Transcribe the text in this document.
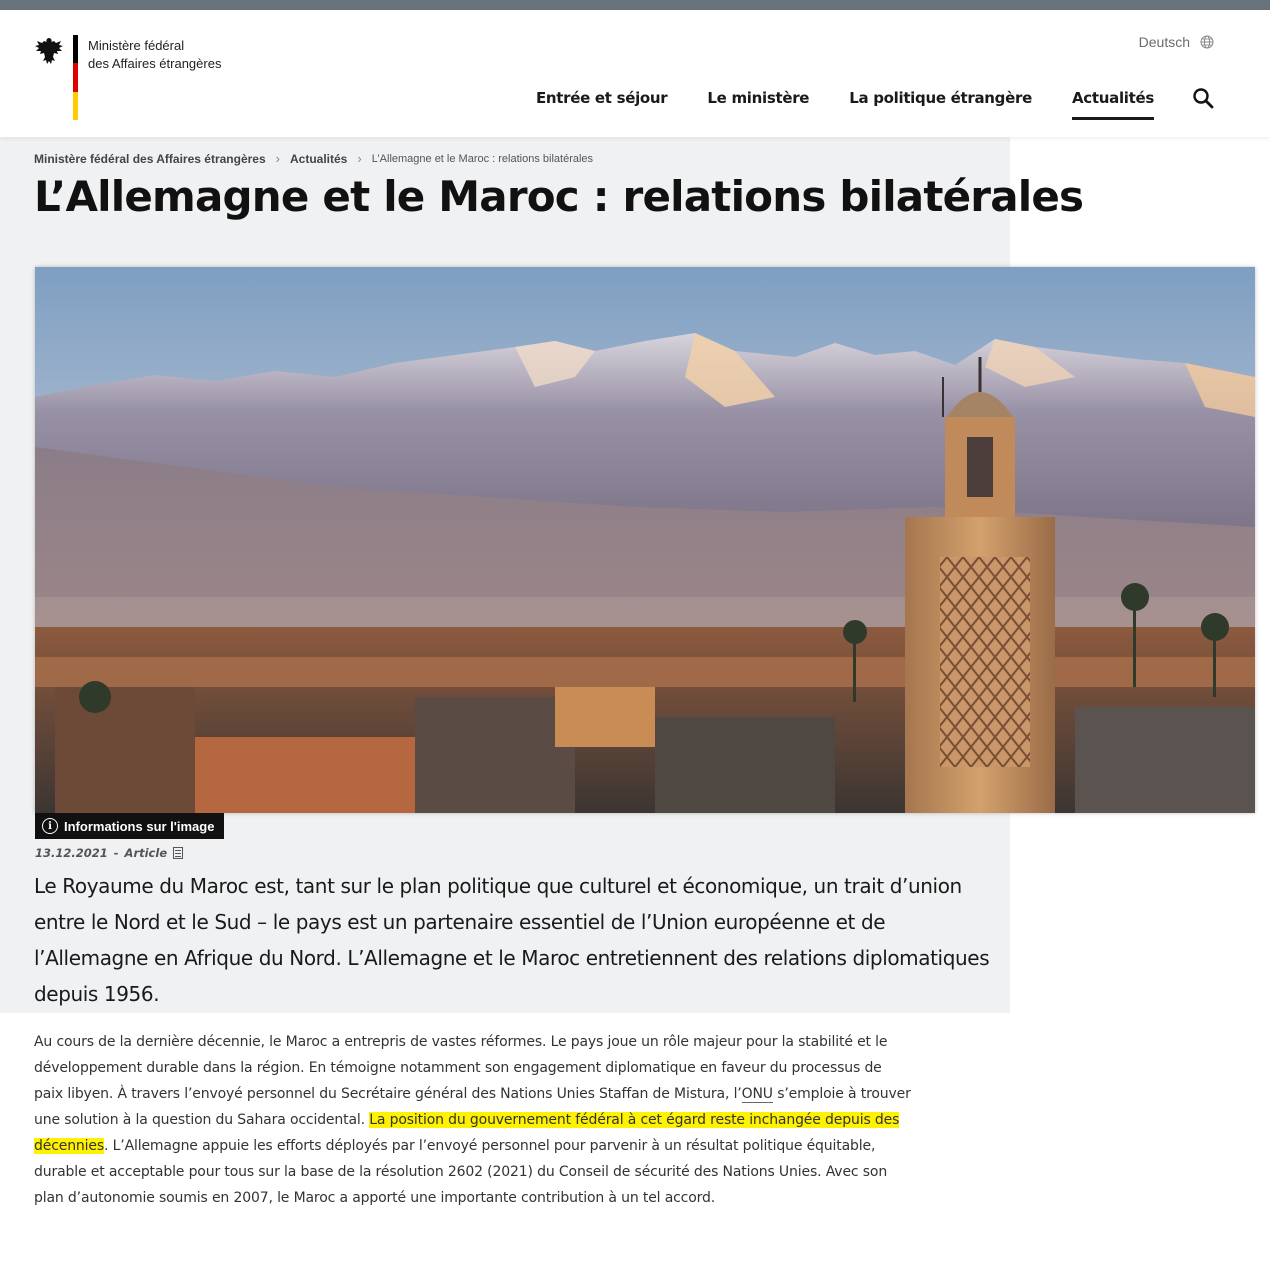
Ministère fédéral
des Affaires étrangères
Deutsch
Entrée et séjour	Le ministère	La politique étrangère	Actualités
Ministère fédéral des Affaires étrangères › Actualités › L’Allemagne et le Maroc : relations bilatérales
L’Allemagne et le Maroc : relations bilatérales
i Informations sur l'image
13.12.2021 - Article

Le Royaume du Maroc est, tant sur le plan politique que culturel et économique, un trait d’union entre le Nord et le Sud – le pays est un partenaire essentiel de l’Union européenne et de l’Allemagne en Afrique du Nord. L’Allemagne et le Maroc entretiennent des relations diplomatiques depuis 1956.

Au cours de la dernière décennie, le Maroc a entrepris de vastes réformes. Le pays joue un rôle majeur pour la stabilité et le développement durable dans la région. En témoigne notamment son engagement diplomatique en faveur du processus de paix libyen. À travers l’envoyé personnel du Secrétaire général des Nations Unies Staffan de Mistura, l’ONU s’emploie à trouver une solution à la question du Sahara occidental. La position du gouvernement fédéral à cet égard reste inchangée depuis des décennies. L’Allemagne appuie les efforts déployés par l’envoyé personnel pour parvenir à un résultat politique équitable, durable et acceptable pour tous sur la base de la résolution 2602 (2021) du Conseil de sécurité des Nations Unies. Avec son plan d’autonomie soumis en 2007, le Maroc a apporté une importante contribution à un tel accord.
